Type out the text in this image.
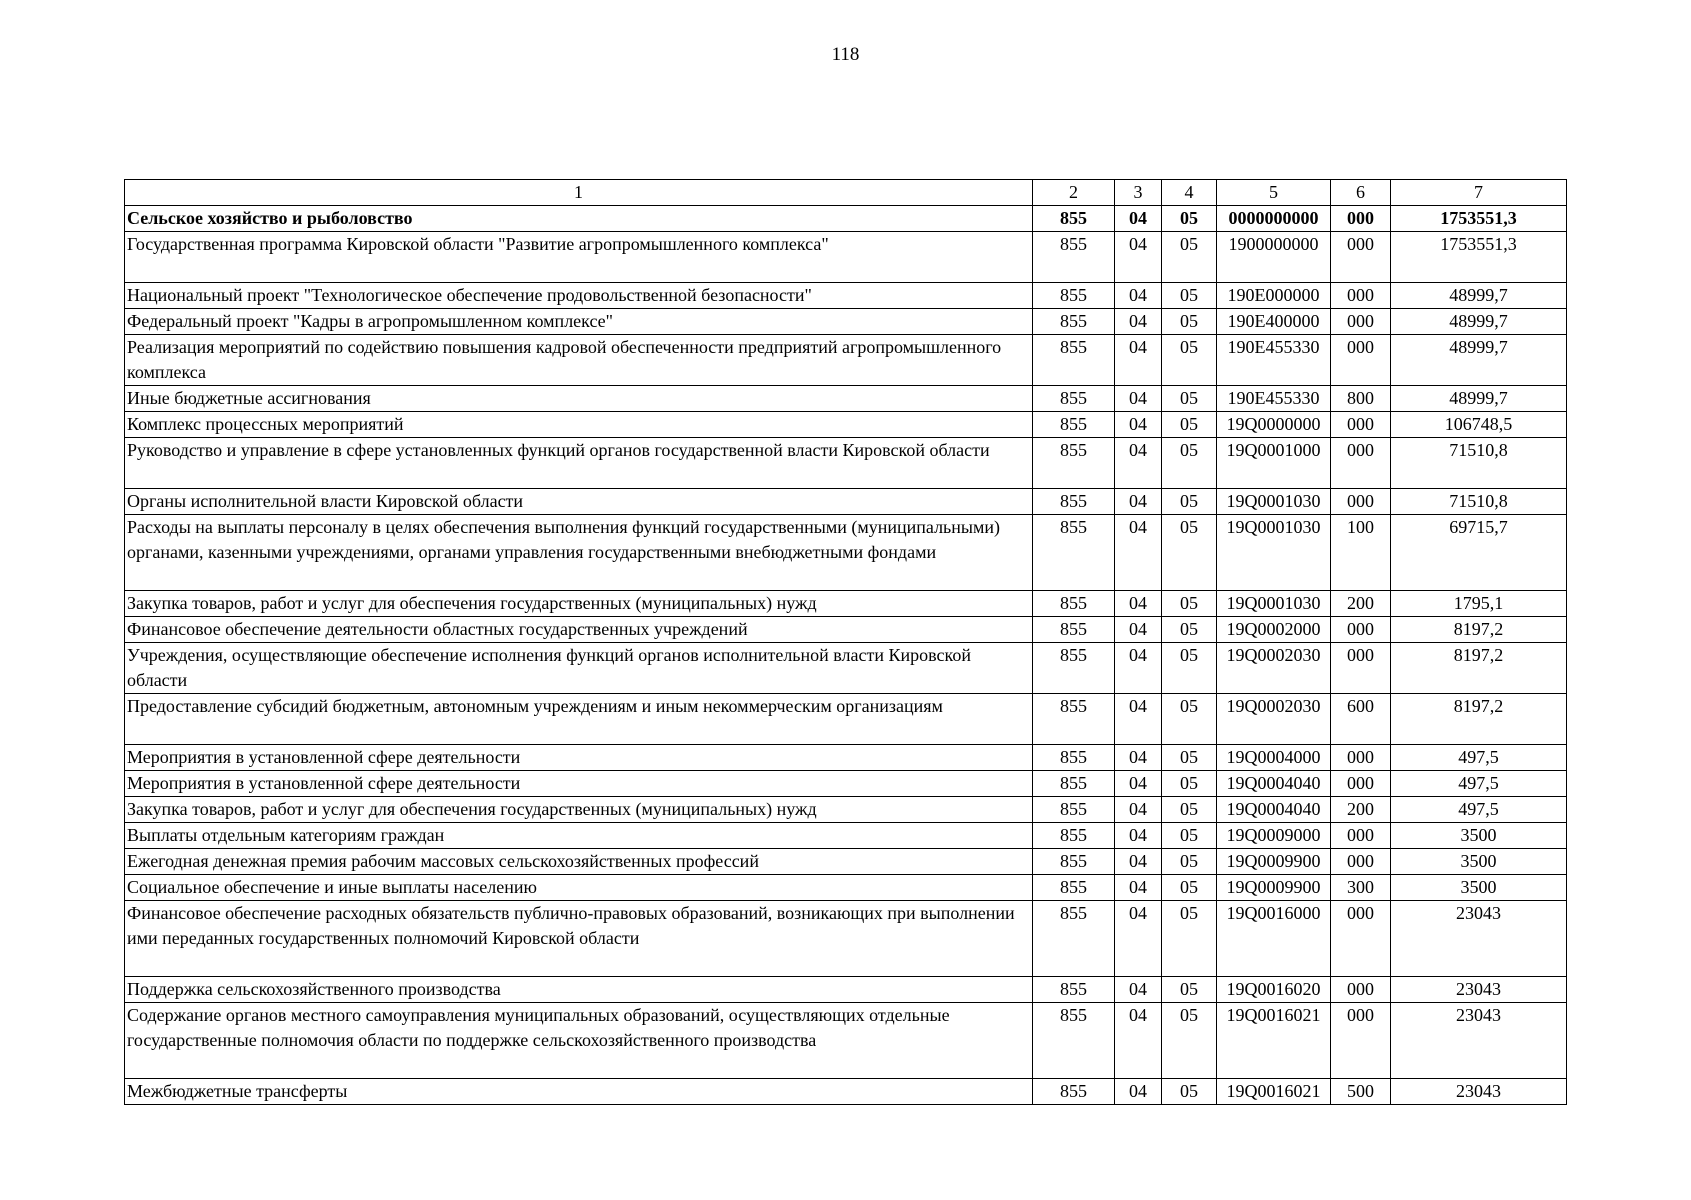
118
1	2	3	4	5	6	7
Сельское хозяйство и рыболовство	855	04	05	0000000000	000	1753551,3
Государственная программа Кировской области "Развитие агропромышленного комплекса"	855	04	05	1900000000	000	1753551,3
Национальный проект "Технологическое обеспечение продовольственной безопасности"	855	04	05	190E000000	000	48999,7
Федеральный проект "Кадры в агропромышленном комплексе"	855	04	05	190E400000	000	48999,7
Реализация мероприятий по содействию повышения кадровой обеспеченности предприятий агропромышленного комплекса	855	04	05	190E455330	000	48999,7
Иные бюджетные ассигнования	855	04	05	190E455330	800	48999,7
Комплекс процессных мероприятий	855	04	05	19Q0000000	000	106748,5
Руководство и управление в сфере установленных функций органов государственной власти Кировской области	855	04	05	19Q0001000	000	71510,8
Органы исполнительной власти Кировской области	855	04	05	19Q0001030	000	71510,8
Расходы на выплаты персоналу в целях обеспечения выполнения функций государственными (муниципальными) органами, казенными учреждениями, органами управления государственными внебюджетными фондами	855	04	05	19Q0001030	100	69715,7
Закупка товаров, работ и услуг для обеспечения государственных (муниципальных) нужд	855	04	05	19Q0001030	200	1795,1
Финансовое обеспечение деятельности областных государственных учреждений	855	04	05	19Q0002000	000	8197,2
Учреждения, осуществляющие обеспечение исполнения функций органов исполнительной власти Кировской области	855	04	05	19Q0002030	000	8197,2
Предоставление субсидий бюджетным, автономным учреждениям и иным некоммерческим организациям	855	04	05	19Q0002030	600	8197,2
Мероприятия в установленной сфере деятельности	855	04	05	19Q0004000	000	497,5
Мероприятия в установленной сфере деятельности	855	04	05	19Q0004040	000	497,5
Закупка товаров, работ и услуг для обеспечения государственных (муниципальных) нужд	855	04	05	19Q0004040	200	497,5
Выплаты отдельным категориям граждан	855	04	05	19Q0009000	000	3500
Ежегодная денежная премия рабочим массовых сельскохозяйственных профессий	855	04	05	19Q0009900	000	3500
Социальное обеспечение и иные выплаты населению	855	04	05	19Q0009900	300	3500
Финансовое обеспечение расходных обязательств публично-правовых образований, возникающих при выполнении ими переданных государственных полномочий Кировской области	855	04	05	19Q0016000	000	23043
Поддержка сельскохозяйственного производства	855	04	05	19Q0016020	000	23043
Содержание органов местного самоуправления муниципальных образований, осуществляющих отдельные государственные полномочия области по поддержке сельскохозяйственного производства	855	04	05	19Q0016021	000	23043
Межбюджетные трансферты	855	04	05	19Q0016021	500	23043
